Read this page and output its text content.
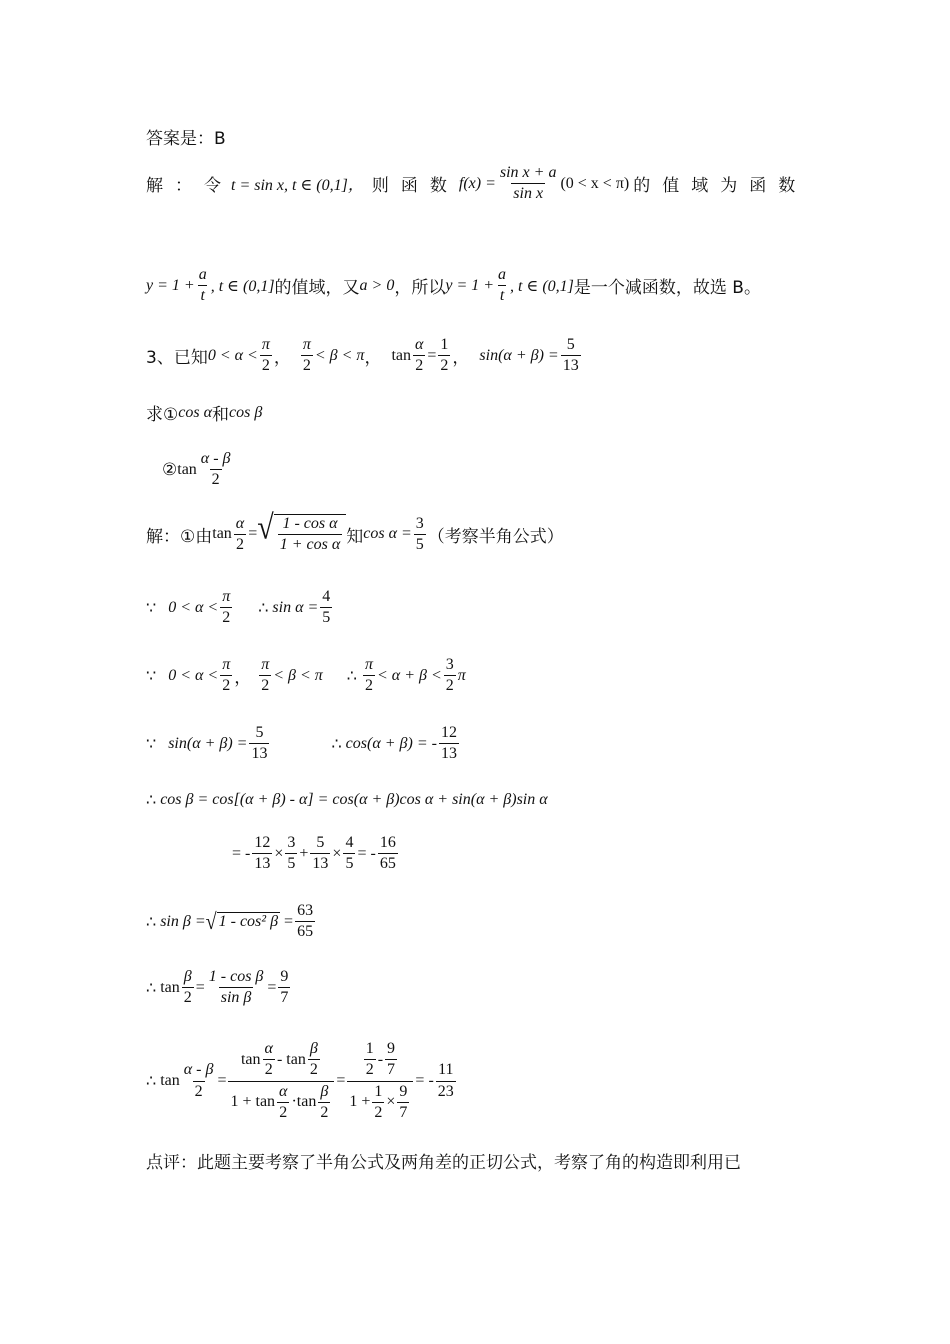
答案是：B
解： 令 t = sin x, t ∈ (0,1]， 则函数 $f(x) = \frac{\text{sin x + a}}{\text{sin x}} (0 < x < \pi)$ 的值域为函数
$y = 1 + \frac{a}{t}$ , t ∈ (0,1] 的值域，又 a > 0 ，所以 $y = 1 + \frac{a}{t}$ , t ∈ (0,1] 是一个减函数，故选 B。
3、已知 $0 < \alpha < \frac{\pi}{2}$ ， $\frac{\pi}{2} < \beta < \pi$ ， $\tan \frac{\alpha}{2} = \frac{1}{2}$ ， $\sin(\alpha + \beta) = \frac{5}{13}$
求① cos α 和 cos β
② $\tan \frac{\alpha - \beta}{2}$
解：①由 $\tan \frac{\alpha}{2}$ = √ $\frac{\text{1 - cos α}}{\text{1 + cos α}}$ 知 $\cos \alpha = \frac{3}{5}$ （考察半角公式）
∵ $0 < \alpha < \frac{\pi}{2}$ ∴ $\sin \alpha = \frac{4}{5}$
∵ $0 < \alpha < \frac{\pi}{2}$ ， $\frac{\pi}{2} < \beta < \pi$ ∴ $\frac{\pi}{2} < \alpha + \beta < \frac{3}{2}$ π
∵ $\sin(\alpha + \beta) = \frac{5}{13}$	∴ cos(α + β) = - $\frac{12}{13}$
∴ cos β = cos[(α + β) - α] = cos(α + β)cos α + sin(α + β)sin α
= - $\frac{12}{13} \times \frac{3}{5} + \frac{5}{13} \times \frac{4}{5}$ = - $\frac{16}{65}$
∴ sin β = √ 1 - cos² $\beta = \frac{63}{65}$
∴ $\tan \frac{\beta}{2} = \frac{\text{1 - cos β}}{\text{sin β}} = \frac{9}{7}$
∴ $\tan \frac{\alpha - \beta}{2} = \frac{\tan \frac{\alpha}{2} - \tan \frac{\beta}{2}}{1 + \tan \frac{\alpha}{2} \cdot \tan \frac{\beta}{2}} = \frac{\frac{1}{2} - \frac{9}{7}}{1 + \frac{1}{2} \times \frac{9}{7}}$ = - $\frac{11}{23}$
点评：此题主要考察了半角公式及两角差的正切公式，考察了角的构造即利用已
